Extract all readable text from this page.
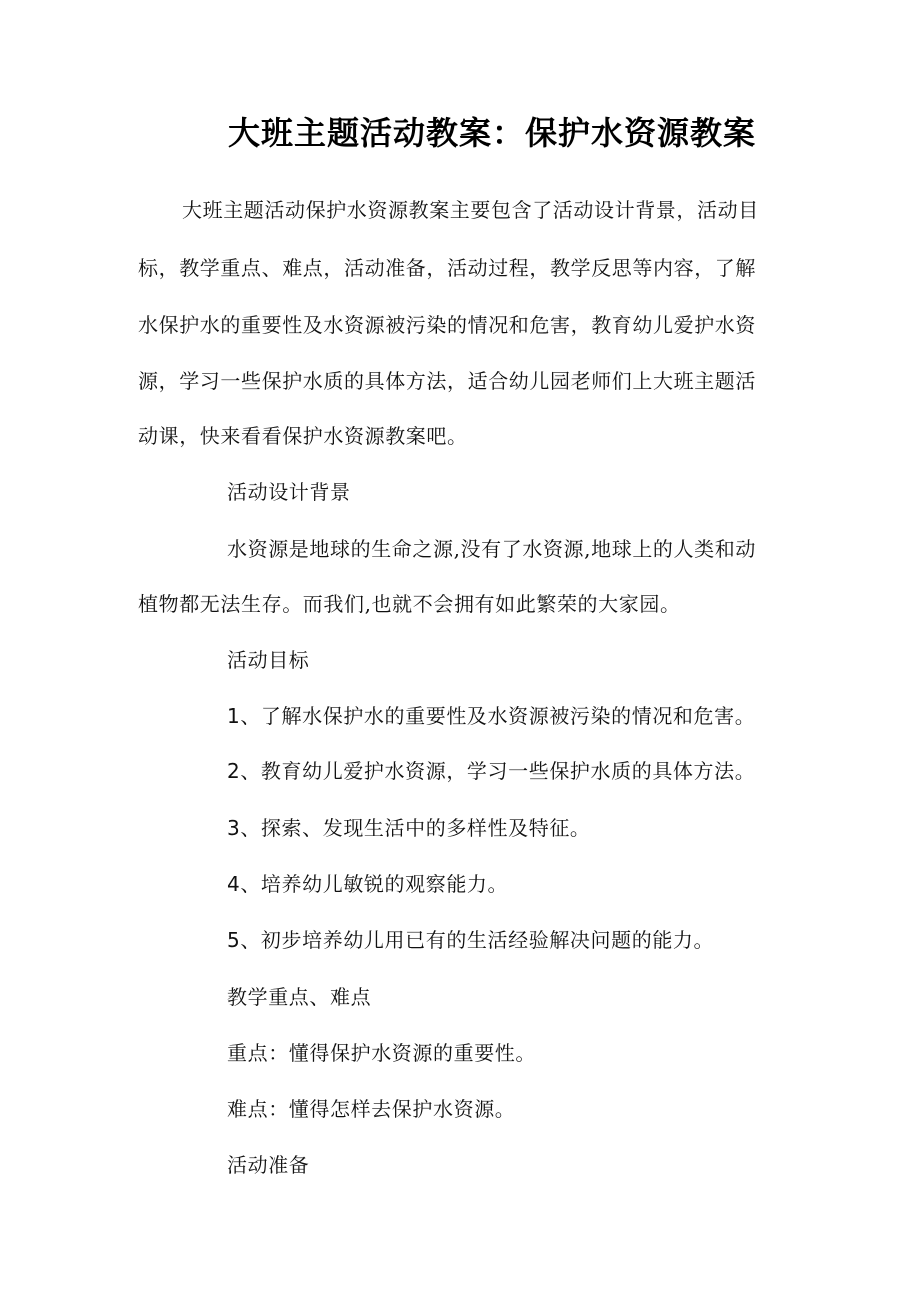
大班主题活动教案：保护水资源教案
大班主题活动保护水资源教案主要包含了活动设计背景，活动目
标，教学重点、难点，活动准备，活动过程，教学反思等内容，了解
水保护水的重要性及水资源被污染的情况和危害，教育幼儿爱护水资
源，学习一些保护水质的具体方法，适合幼儿园老师们上大班主题活
动课，快来看看保护水资源教案吧。
活动设计背景
水资源是地球的生命之源,没有了水资源,地球上的人类和动
植物都无法生存。而我们,也就不会拥有如此繁荣的大家园。
活动目标
1、了解水保护水的重要性及水资源被污染的情况和危害。
2、教育幼儿爱护水资源，学习一些保护水质的具体方法。
3、探索、发现生活中的多样性及特征。
4、培养幼儿敏锐的观察能力。
5、初步培养幼儿用已有的生活经验解决问题的能力。
教学重点、难点
重点：懂得保护水资源的重要性。
难点：懂得怎样去保护水资源。
活动准备
